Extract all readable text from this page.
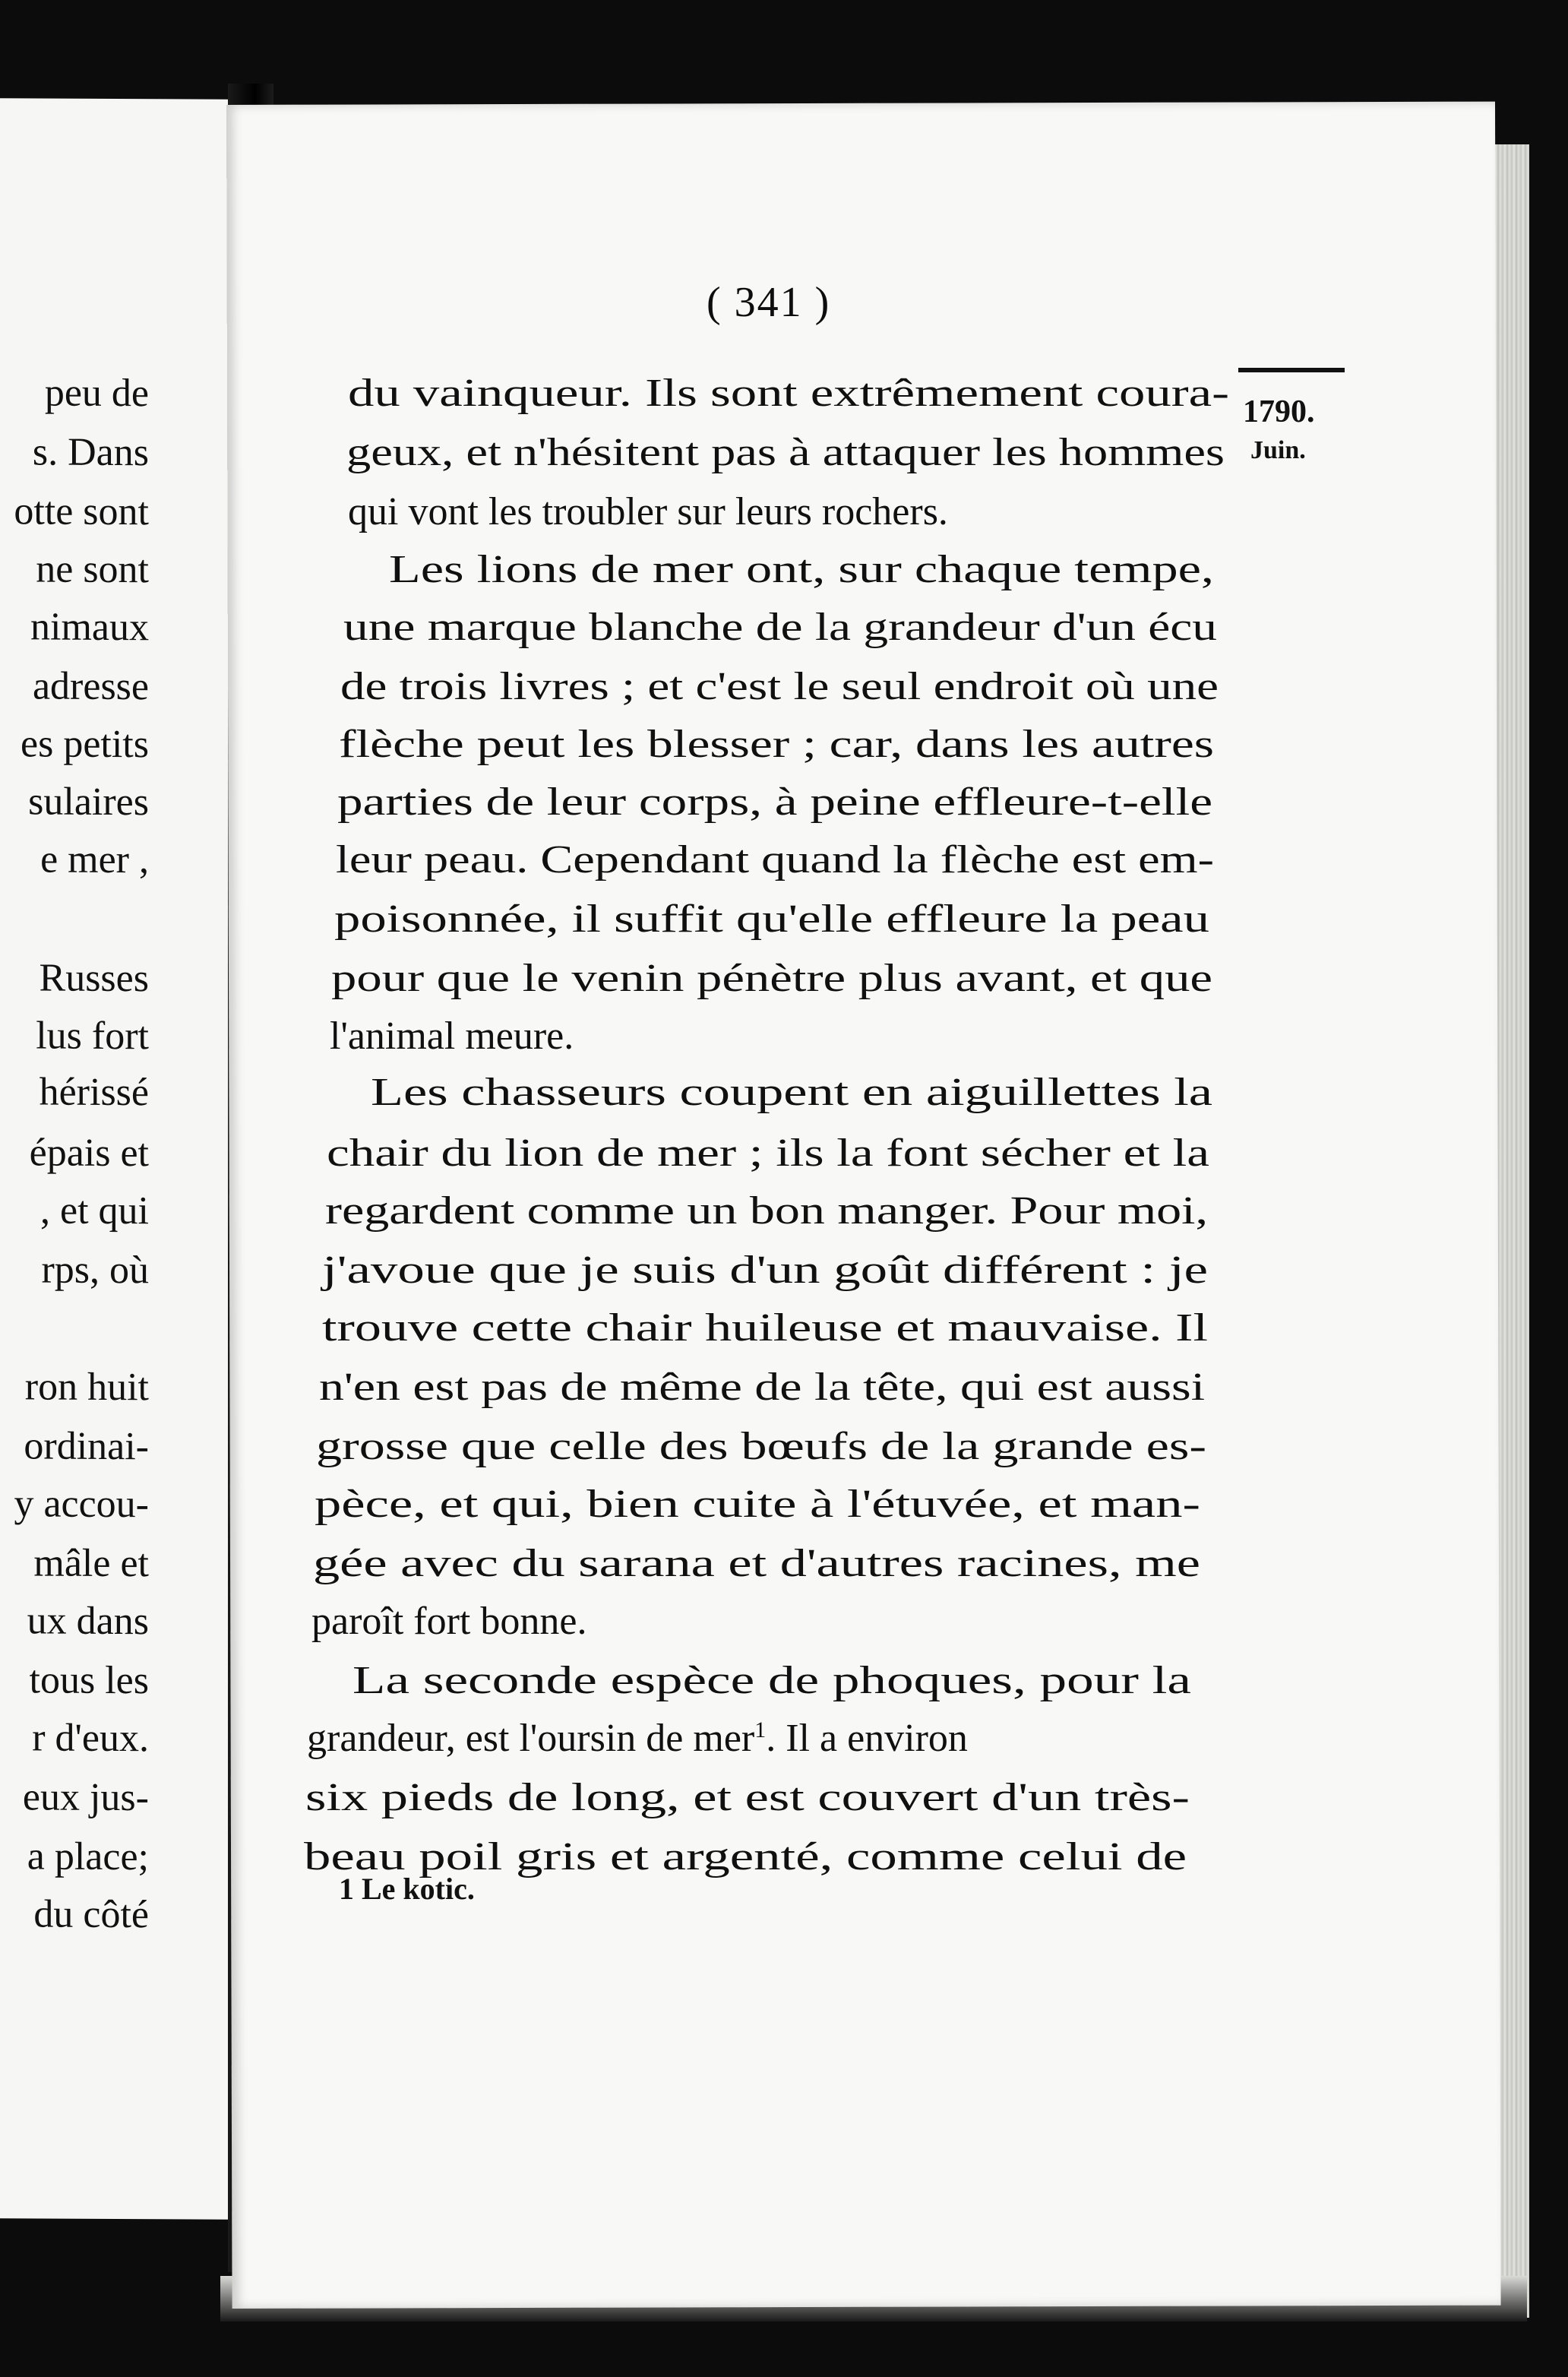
peu de
s. Dans
otte sont
ne sont
nimaux
adresse
es petits
sulaires
e mer ,
Russes
lus fort
hérissé
épais et
, et qui
rps, où
ron huit
ordinai-
y accou-
mâle et
ux dans
tous les
r d'eux.
eux jus-
a place;
du côté
( 341 )
1790.
Juin.
du vainqueur. Ils sont extrêmement coura-
geux, et n'hésitent pas à attaquer les hommes
qui vont les troubler sur leurs rochers.
Les lions de mer ont, sur chaque tempe,
une marque blanche de la grandeur d'un écu
de trois livres ; et c'est le seul endroit où une
flèche peut les blesser ; car, dans les autres
parties de leur corps, à peine effleure-t-elle
leur peau. Cependant quand la flèche est em-
poisonnée, il suffit qu'elle effleure la peau
pour que le venin pénètre plus avant, et que
l'animal meure.
Les chasseurs coupent en aiguillettes la
chair du lion de mer ; ils la font sécher et la
regardent comme un bon manger. Pour moi,
j'avoue que je suis d'un goût différent : je
trouve cette chair huileuse et mauvaise. Il
n'en est pas de même de la tête, qui est aussi
grosse que celle des bœufs de la grande es-
pèce, et qui, bien cuite à l'étuvée, et man-
gée avec du sarana et d'autres racines, me
paroît fort bonne.
La seconde espèce de phoques, pour la
grandeur, est l'oursin de mer$^1$. Il a environ
six pieds de long, et est couvert d'un très-
beau poil gris et argenté, comme celui de
1 Le kotic.
